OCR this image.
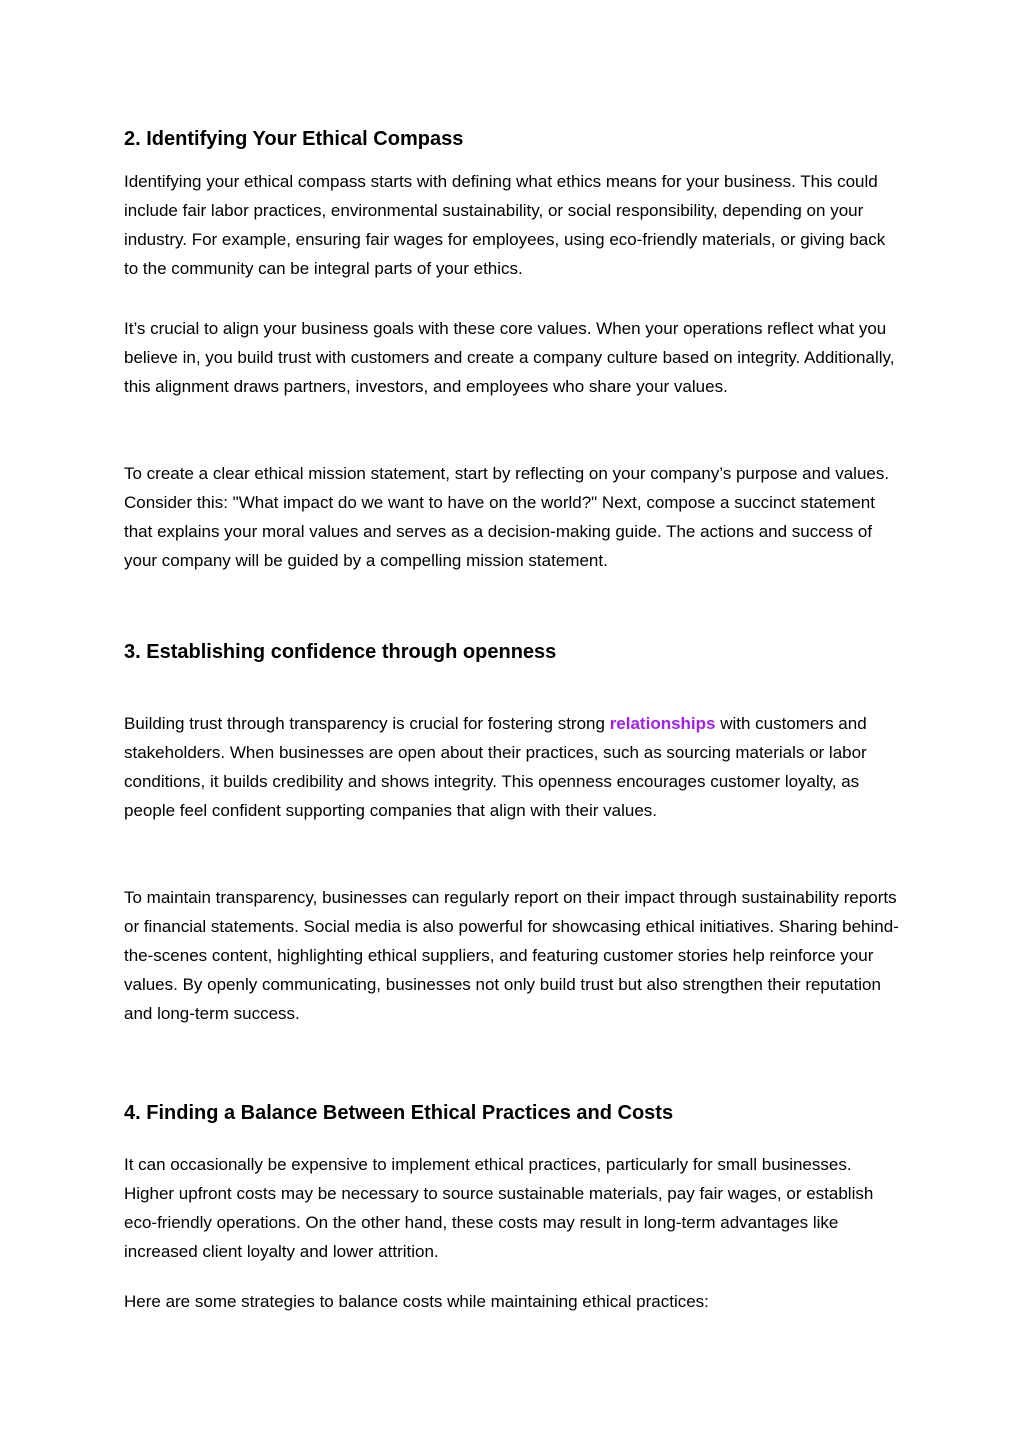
2. Identifying Your Ethical Compass

Identifying your ethical compass starts with defining what ethics means for your business. This could include fair labor practices, environmental sustainability, or social responsibility, depending on your industry. For example, ensuring fair wages for employees, using eco-friendly materials, or giving back to the community can be integral parts of your ethics.

It’s crucial to align your business goals with these core values. When your operations reflect what you believe in, you build trust with customers and create a company culture based on integrity. Additionally, this alignment draws partners, investors, and employees who share your values.

To create a clear ethical mission statement, start by reflecting on your company’s purpose and values. Consider this: "What impact do we want to have on the world?" Next, compose a succinct statement that explains your moral values and serves as a decision-making guide. The actions and success of your company will be guided by a compelling mission statement.

3. Establishing confidence through openness

Building trust through transparency is crucial for fostering strong relationships with customers and stakeholders. When businesses are open about their practices, such as sourcing materials or labor conditions, it builds credibility and shows integrity. This openness encourages customer loyalty, as people feel confident supporting companies that align with their values.

To maintain transparency, businesses can regularly report on their impact through sustainability reports or financial statements. Social media is also powerful for showcasing ethical initiatives. Sharing behind-the-scenes content, highlighting ethical suppliers, and featuring customer stories help reinforce your values. By openly communicating, businesses not only build trust but also strengthen their reputation and long-term success.

4. Finding a Balance Between Ethical Practices and Costs

It can occasionally be expensive to implement ethical practices, particularly for small businesses. Higher upfront costs may be necessary to source sustainable materials, pay fair wages, or establish eco-friendly operations. On the other hand, these costs may result in long-term advantages like increased client loyalty and lower attrition.

Here are some strategies to balance costs while maintaining ethical practices:
